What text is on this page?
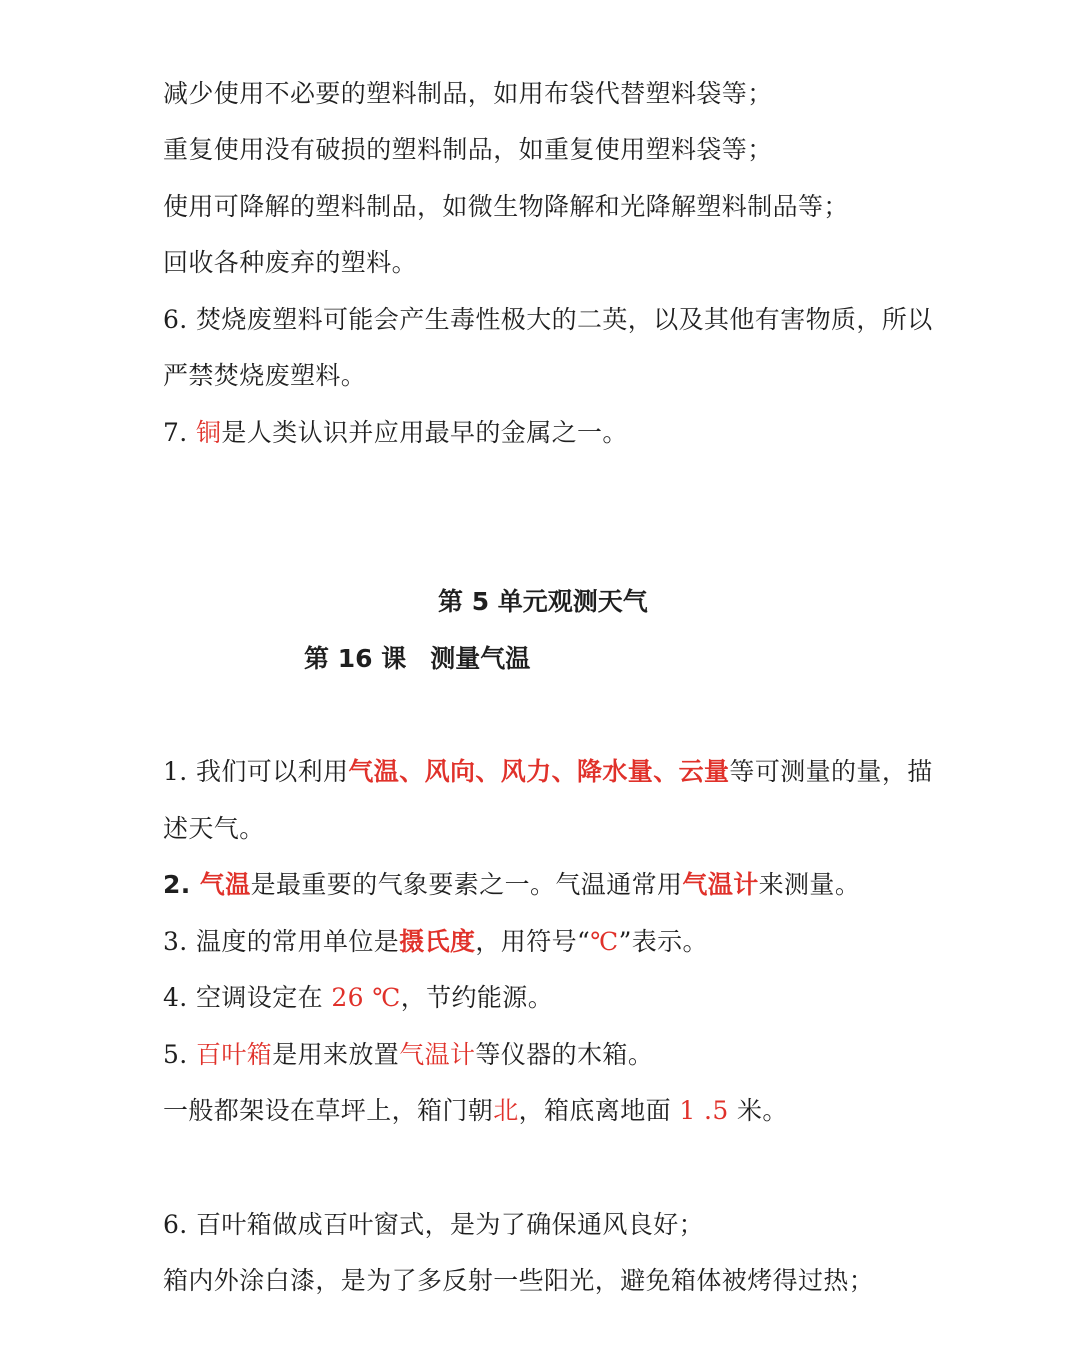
减少使用不必要的塑料制品，如用布袋代替塑料袋等；
重复使用没有破损的塑料制品，如重复使用塑料袋等；
使用可降解的塑料制品，如微生物降解和光降解塑料制品等；
回收各种废弃的塑料。
6. 焚烧废塑料可能会产生毒性极大的二英，以及其他有害物质，所以
严禁焚烧废塑料。
7. 铜是人类认识并应用最早的金属之一。
第 5 单元观测天气
第 16 课 测量气温
1. 我们可以利用气温、风向、风力、降水量、云量等可测量的量，描
述天气。
2. 气温是最重要的气象要素之一。气温通常用气温计来测量。
3. 温度的常用单位是摄氏度，用符号“℃”表示。
4. 空调设定在 26 ℃，节约能源。
5. 百叶箱是用来放置气温计等仪器的木箱。
一般都架设在草坪上，箱门朝北，箱底离地面 1 .5 米。
6. 百叶箱做成百叶窗式，是为了确保通风良好；
箱内外涂白漆，是为了多反射一些阳光，避免箱体被烤得过热；
